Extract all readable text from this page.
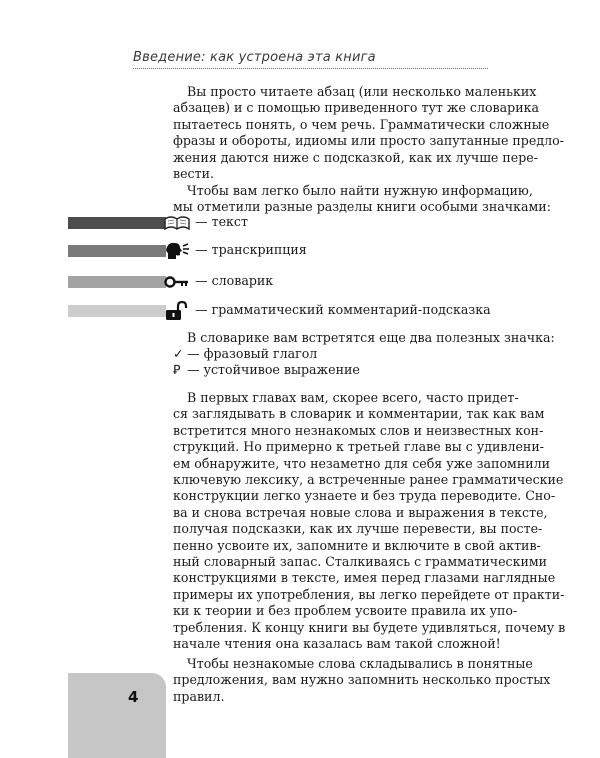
Введение: как устроена эта книга
Вы просто читаете абзац (или несколько маленьких
абзацев) и с помощью приведенного тут же словарика
пытаетесь понять, о чем речь. Грамматически сложные
фразы и обороты, идиомы или просто запутанные предло-
жения даются ниже с подсказкой, как их лучше пере-
вести.
Чтобы вам легко было найти нужную информацию,
мы отметили разные разделы книги особыми значками:
— текст
— транскрипция
— словарик
— грамматический комментарий-подсказка
В словарике вам встретятся еще два полезных значка:
✓ — фразовый глагол
Ꝑ — устойчивое выражение
В первых главах вам, скорее всего, часто придет-
ся заглядывать в словарик и комментарии, так как вам
встретится много незнакомых слов и неизвестных кон-
струкций. Но примерно к третьей главе вы с удивлени-
ем обнаружите, что незаметно для себя уже запомнили
ключевую лексику, а встреченные ранее грамматические
конструкции легко узнаете и без труда переводите. Сно-
ва и снова встречая новые слова и выражения в тексте,
получая подсказки, как их лучше перевести, вы посте-
пенно усвоите их, запомните и включите в свой актив-
ный словарный запас. Сталкиваясь с грамматическими
конструкциями в тексте, имея перед глазами наглядные
примеры их употребления, вы легко перейдете от практи-
ки к теории и без проблем усвоите правила их упо-
требления. К концу книги вы будете удивляться, почему в
начале чтения она казалась вам такой сложной!
Чтобы незнакомые слова складывались в понятные
предложения, вам нужно запомнить несколько простых
правил.
4
